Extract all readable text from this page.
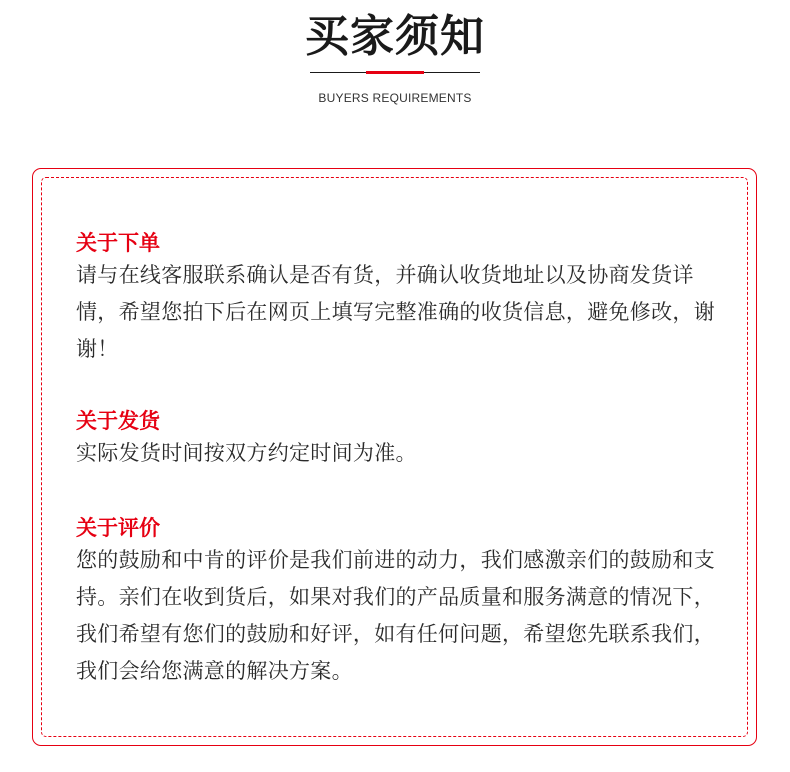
买家须知
BUYERS REQUIREMENTS

关于下单

请与在线客服联系确认是否有货，并确认收货地址以及协商发货详情，希望您拍下后在网页上填写完整准确的收货信息，避免修改，谢谢！

关于发货

实际发货时间按双方约定时间为准。

关于评价

您的鼓励和中肯的评价是我们前进的动力，我们感激亲们的鼓励和支持。亲们在收到货后，如果对我们的产品质量和服务满意的情况下，我们希望有您们的鼓励和好评，如有任何问题，希望您先联系我们，我们会给您满意的解决方案。
